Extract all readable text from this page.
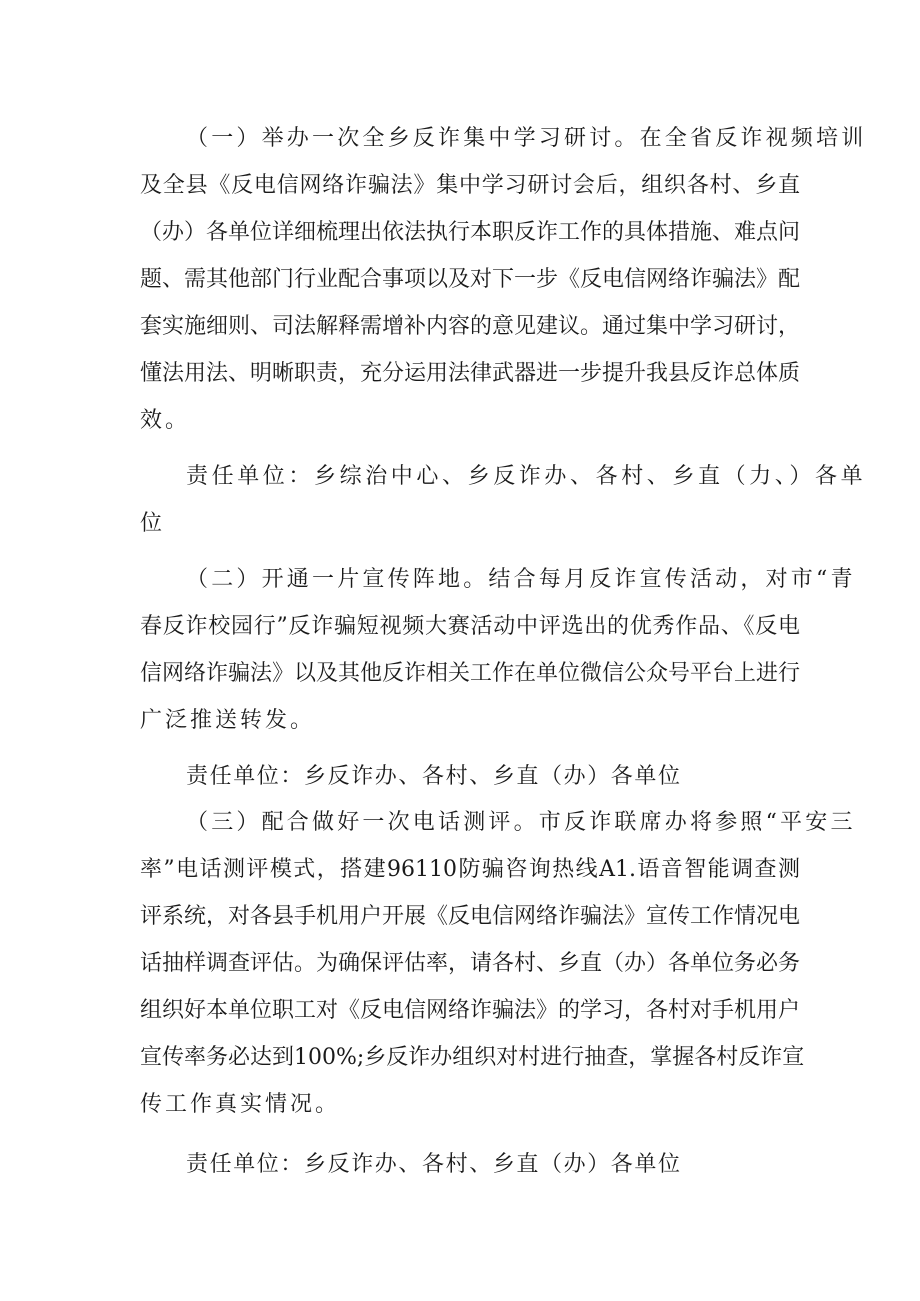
（一）举办一次全乡反诈集中学习研讨。在全省反诈视频培训
及全县《反电信网络诈骗法》集中学习研讨会后，组织各村、乡直
（办）各单位详细梳理出依法执行本职反诈工作的具体措施、难点问
题、需其他部门行业配合事项以及对下一步《反电信网络诈骗法》配
套实施细则、司法解释需增补内容的意见建议。通过集中学习研讨，
懂法用法、明晰职责，充分运用法律武器进一步提升我县反诈总体质
效。
责任单位：乡综治中心、乡反诈办、各村、乡直（力、）各单
位
（二）开通一片宣传阵地。结合每月反诈宣传活动，对市“青
春反诈校园行”反诈骗短视频大赛活动中评选出的优秀作品、《反电
信网络诈骗法》以及其他反诈相关工作在单位微信公众号平台上进行
广泛推送转发。
责任单位：乡反诈办、各村、乡直（办）各单位
（三）配合做好一次电话测评。市反诈联席办将参照“平安三
率”电话测评模式，搭建96110防骗咨询热线A1.语音智能调查测
评系统，对各县手机用户开展《反电信网络诈骗法》宣传工作情况电
话抽样调查评估。为确保评估率，请各村、乡直（办）各单位务必务
组织好本单位职工对《反电信网络诈骗法》的学习，各村对手机用户
宣传率务必达到100%;乡反诈办组织对村进行抽查，掌握各村反诈宣
传工作真实情况。
责任单位：乡反诈办、各村、乡直（办）各单位
